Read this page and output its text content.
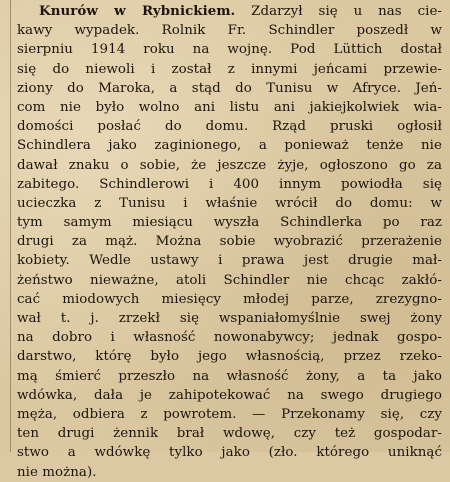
Knurów w Rybnickiem. Zdarzył się u nas cie-
kawy wypadek. Rolnik Fr. Schindler poszedł w
sierpniu 1914 roku na wojnę. Pod Lüttich dostał
się do niewoli i został z innymi jeńcami przewie-
ziony do Maroka, a stąd do Tunisu w Afryce. Jeń-
com nie było wolno ani listu ani jakiejkolwiek wia-
domości posłać do domu. Rząd pruski ogłosił
Schindlera jako zaginionego, a ponieważ tenże nie
dawał znaku o sobie, że jeszcze żyje, ogłoszono go za
zabitego. Schindlerowi i 400 innym powiodła się
ucieczka z Tunisu i właśnie wrócił do domu: w
tym samym miesiącu wyszła Schindlerka po raz
drugi za mąż. Można sobie wyobrazić przerażenie
kobiety. Wedle ustawy i prawa jest drugie mał-
żeństwo nieważne, atoli Schindler nie chcąc zakłó-
cać miodowych miesięcy młodej parze, zrezygno-
wał t. j. zrzekł się wspaniałomyślnie swej żony
na dobro i własność nowonabywcy; jednak gospo-
darstwo, którę było jego własnością, przez rzeko-
mą śmierć przeszło na własność żony, a ta jako
wdówka, dała je zahipotekować na swego drugiego
męża, odbiera z powrotem. — Przekonamy się, czy
ten drugi żennik brał wdowę, czy też gospodar-
stwo a wdówkę tylko jako (zło. którego uniknąć
nie można).
